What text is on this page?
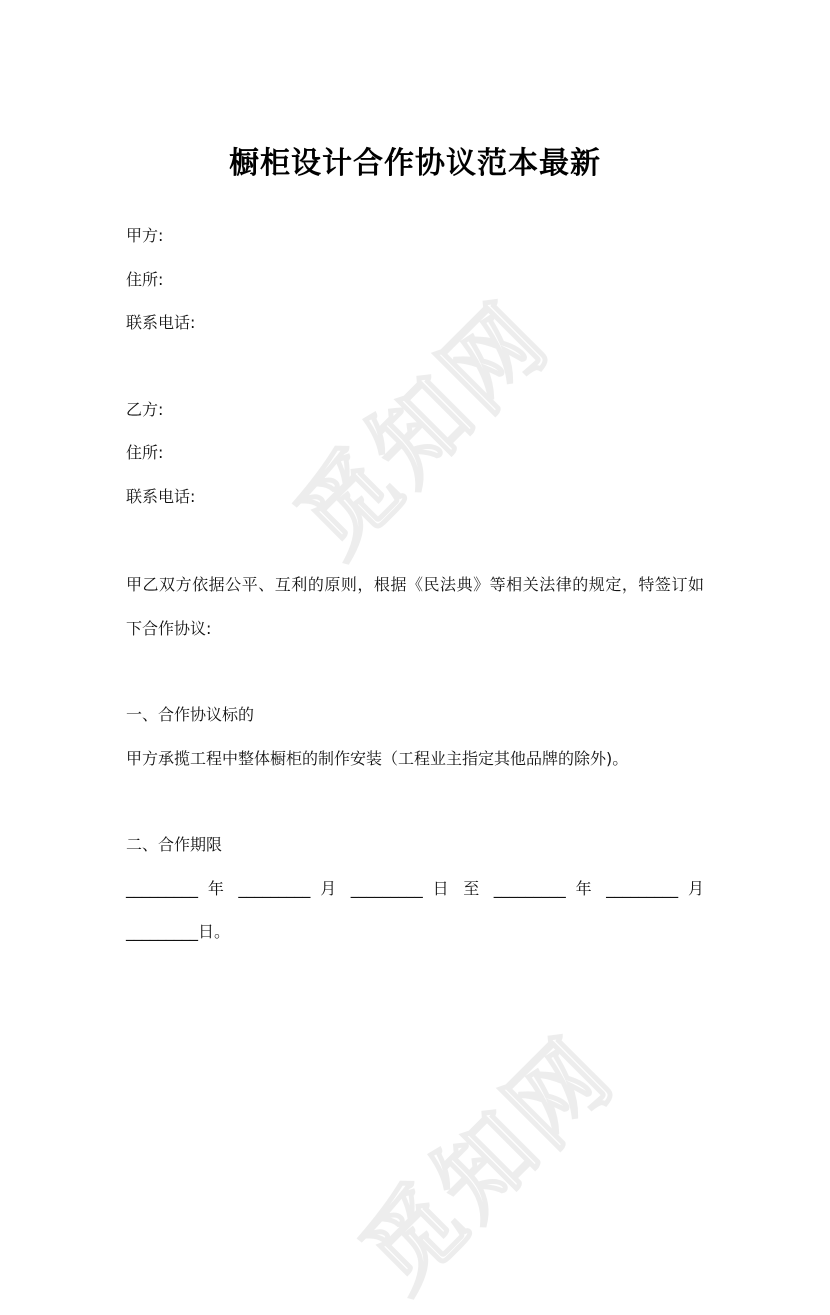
觅知网
觅知网
橱柜设计合作协议范本最新
甲方:
住所:
联系电话:
乙方:
住所:
联系电话:
甲乙双方依据公平、互利的原则，根据《民法典》等相关法律的规定，特签订如
下合作协议:
一、合作协议标的
甲方承揽工程中整体橱柜的制作安装（工程业主指定其他品牌的除外)。
二、合作期限
_________ 年 _________ 月 _________ 日 至 _________ 年 _________ 月
_________日。
